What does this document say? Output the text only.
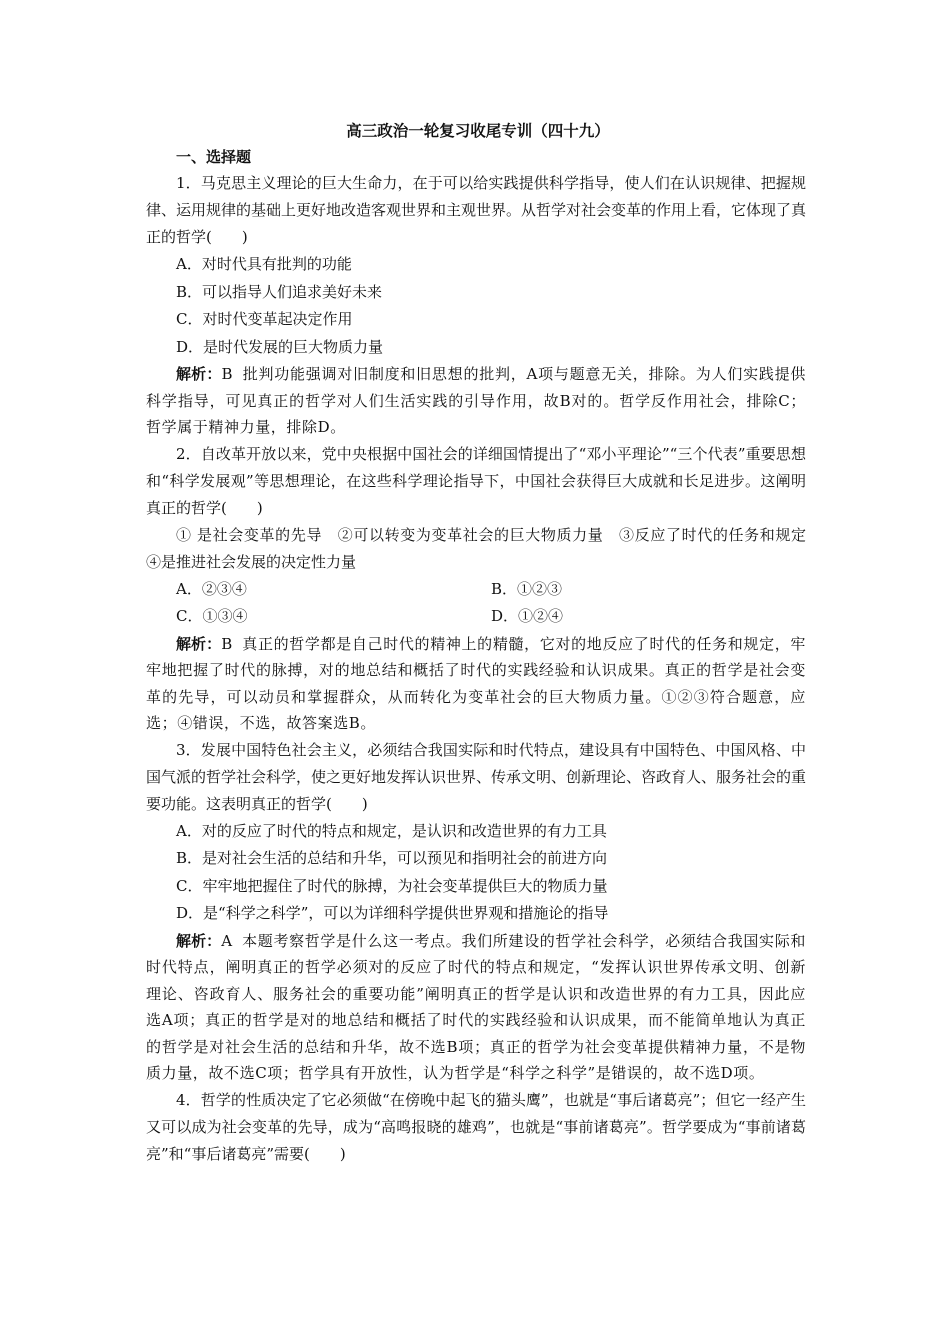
高三政治一轮复习收尾专训（四十九）
一、选择题

1．马克思主义理论的巨大生命力，在于可以给实践提供科学指导，使人们在认识规律、把握规律、运用规律的基础上更好地改造客观世界和主观世界。从哲学对社会变革的作用上看，它体现了真正的哲学(　　)

A．对时代具有批判的功能
B．可以指导人们追求美好未来
C．对时代变革起决定作用
D．是时代发展的巨大物质力量

解析：B 批判功能强调对旧制度和旧思想的批判，A项与题意无关，排除。为人们实践提供科学指导，可见真正的哲学对人们生活实践的引导作用，故B对的。哲学反作用社会，排除C；哲学属于精神力量，排除D。

2．自改革开放以来，党中央根据中国社会的详细国情提出了“邓小平理论”“三个代表”重要思想和“科学发展观”等思想理论，在这些科学理论指导下，中国社会获得巨大成就和长足进步。这阐明真正的哲学(　　)

① 是社会变革的先导　②可以转变为变革社会的巨大物质力量　③反应了时代的任务和规定　④是推进社会发展的决定性力量

A．②③④	B．①②③
C．①③④	D．①②④

解析：B 真正的哲学都是自己时代的精神上的精髓，它对的地反应了时代的任务和规定，牢牢地把握了时代的脉搏，对的地总结和概括了时代的实践经验和认识成果。真正的哲学是社会变革的先导，可以动员和掌握群众，从而转化为变革社会的巨大物质力量。①②③符合题意，应选；④错误，不选，故答案选B。

3．发展中国特色社会主义，必须结合我国实际和时代特点，建设具有中国特色、中国风格、中国气派的哲学社会科学，使之更好地发挥认识世界、传承文明、创新理论、咨政育人、服务社会的重要功能。这表明真正的哲学(　　)

A．对的反应了时代的特点和规定，是认识和改造世界的有力工具
B．是对社会生活的总结和升华，可以预见和指明社会的前进方向
C．牢牢地把握住了时代的脉搏，为社会变革提供巨大的物质力量
D．是“科学之科学”，可以为详细科学提供世界观和措施论的指导

解析：A 本题考察哲学是什么这一考点。我们所建设的哲学社会科学，必须结合我国实际和时代特点，阐明真正的哲学必须对的反应了时代的特点和规定，“发挥认识世界传承文明、创新理论、咨政育人、服务社会的重要功能”阐明真正的哲学是认识和改造世界的有力工具，因此应选A项；真正的哲学是对的地总结和概括了时代的实践经验和认识成果，而不能简单地认为真正的哲学是对社会生活的总结和升华，故不选B项；真正的哲学为社会变革提供精神力量，不是物质力量，故不选C项；哲学具有开放性，认为哲学是“科学之科学”是错误的，故不选D项。

4．哲学的性质决定了它必须做“在傍晚中起飞的猫头鹰”，也就是“事后诸葛亮”；但它一经产生又可以成为社会变革的先导，成为“高鸣报晓的雄鸡”，也就是“事前诸葛亮”。哲学要成为“事前诸葛亮”和“事后诸葛亮”需要(　　)
